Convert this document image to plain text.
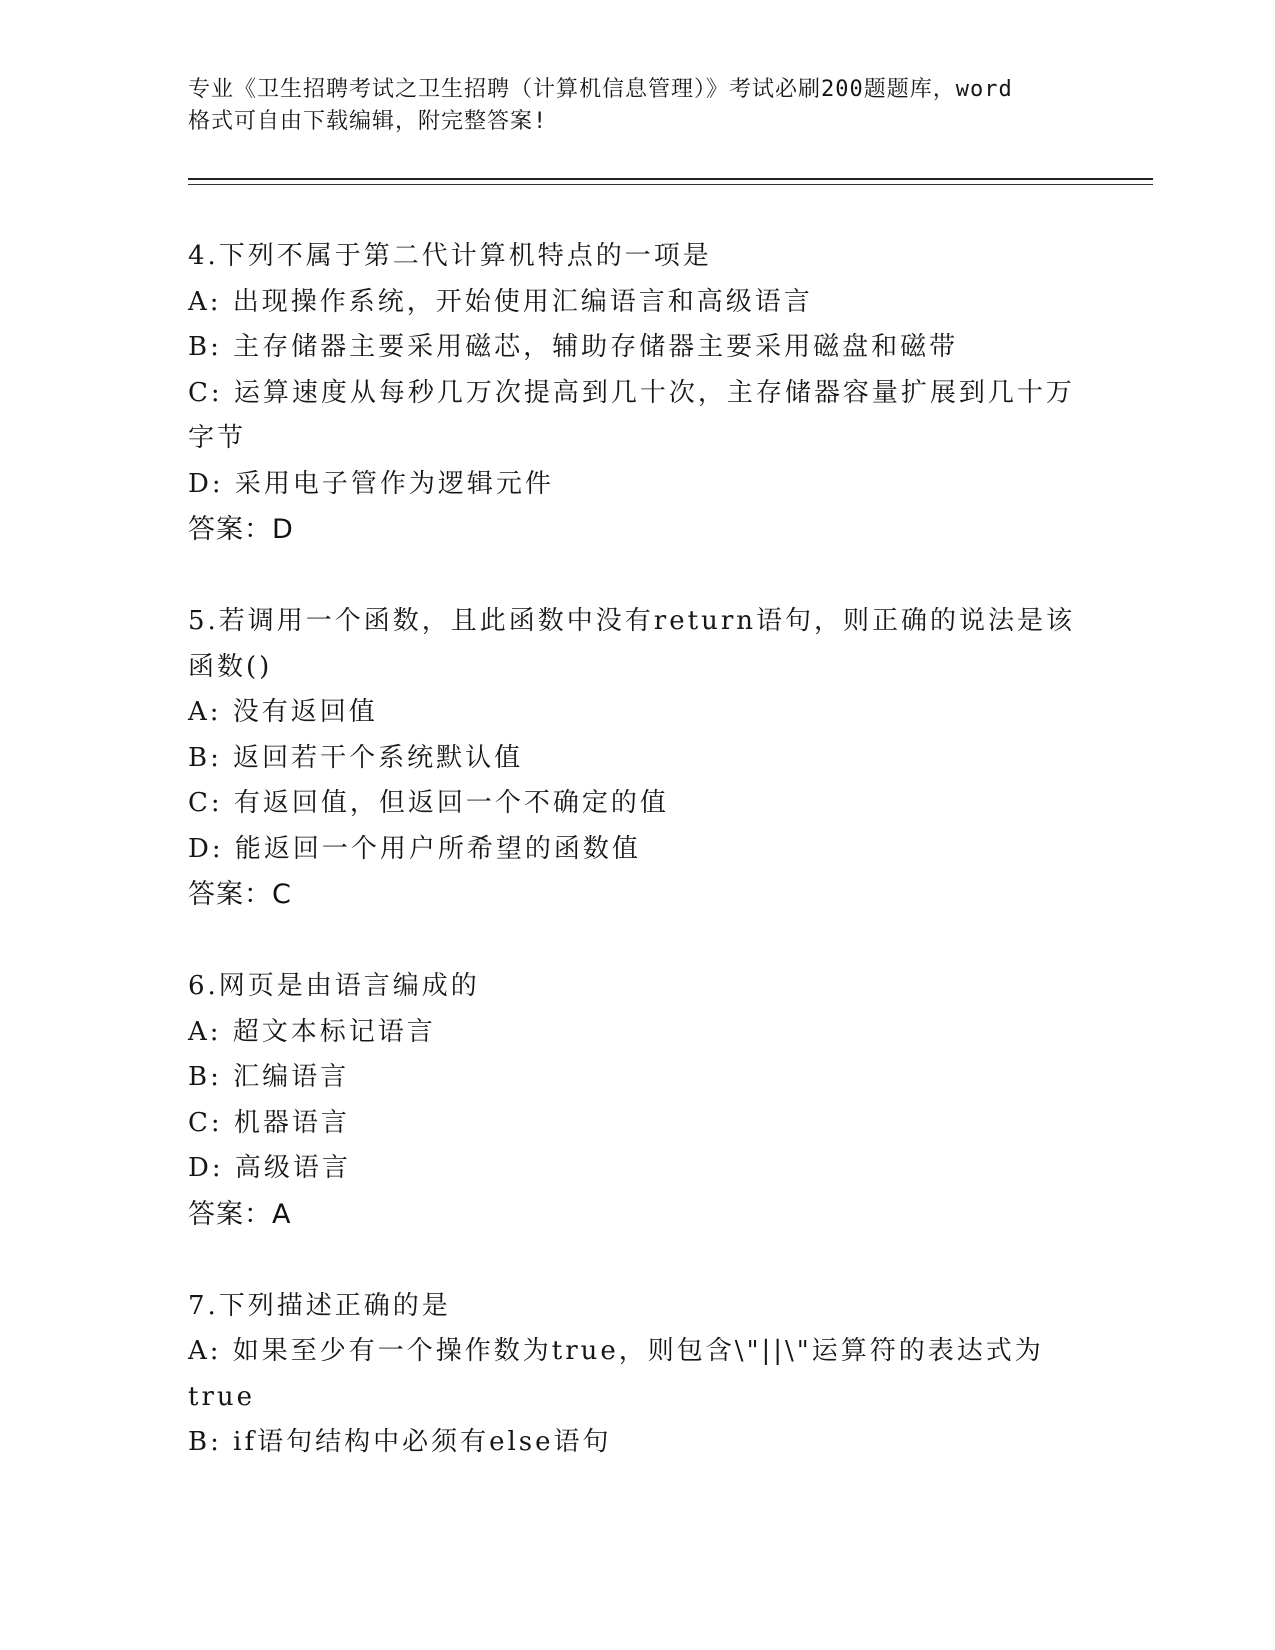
专业《卫生招聘考试之卫生招聘（计算机信息管理）》考试必刷200题题库，word
格式可自由下载编辑，附完整答案!
4.下列不属于第二代计算机特点的一项是
A: 出现操作系统，开始使用汇编语言和高级语言
B: 主存储器主要采用磁芯，辅助存储器主要采用磁盘和磁带
C: 运算速度从每秒几万次提高到几十次，主存储器容量扩展到几十万
字节
D: 采用电子管作为逻辑元件
答案：D
5.若调用一个函数，且此函数中没有return语句，则正确的说法是该
函数()
A: 没有返回值
B: 返回若干个系统默认值
C: 有返回值，但返回一个不确定的值
D: 能返回一个用户所希望的函数值
答案：C
6.网页是由语言编成的
A: 超文本标记语言
B: 汇编语言
C: 机器语言
D: 高级语言
答案：A
7.下列描述正确的是
A: 如果至少有一个操作数为true，则包含\"||\"运算符的表达式为
true
B: if语句结构中必须有else语句
